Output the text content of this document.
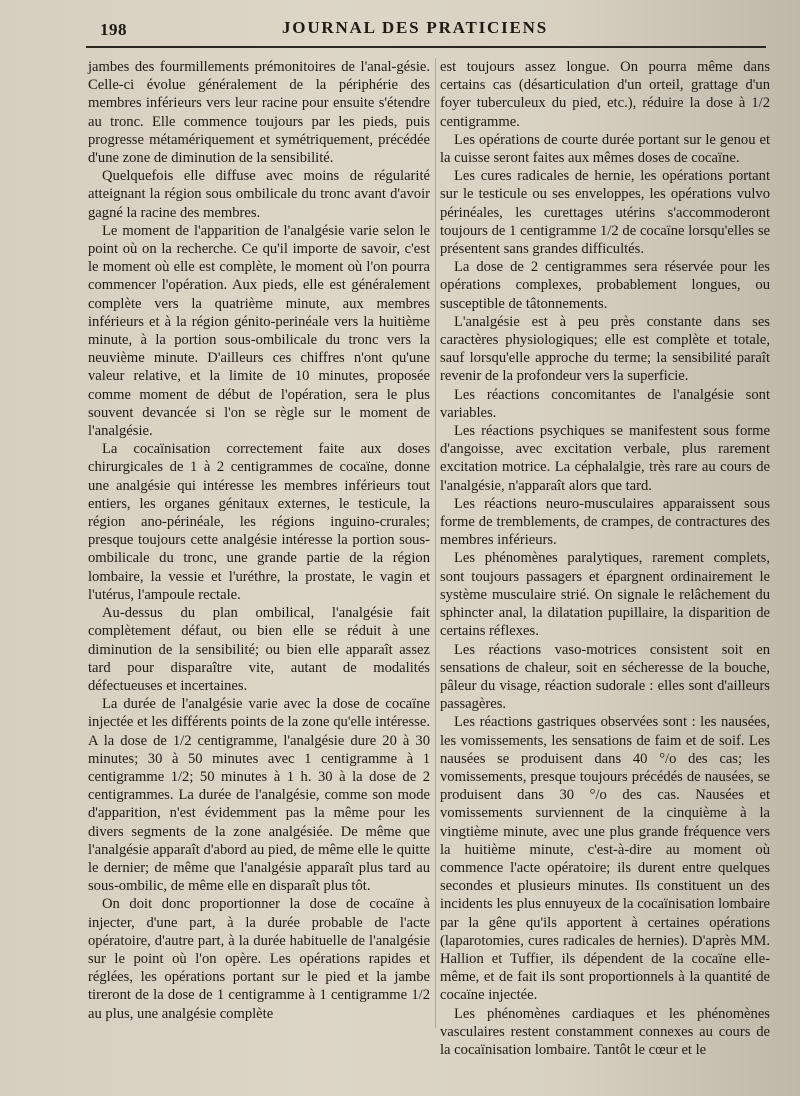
198	JOURNAL DES PRATICIENS

jambes des fourmillements prémonitoires de l'anal-gésie. Celle-ci évolue généralement de la périphérie des membres inférieurs vers leur racine pour ensuite s'étendre au tronc. Elle commence toujours par les pieds, puis progresse métamériquement et symétriquement, précédée d'une zone de diminution de la sensibilité.

Quelquefois elle diffuse avec moins de régularité atteignant la région sous ombilicale du tronc avant d'avoir gagné la racine des membres.

Le moment de l'apparition de l'analgésie varie selon le point où on la recherche. Ce qu'il importe de savoir, c'est le moment où elle est complète, le moment où l'on pourra commencer l'opération. Aux pieds, elle est généralement complète vers la quatrième minute, aux membres inférieurs et à la région génito-perinéale vers la huitième minute, à la portion sous-ombilicale du tronc vers la neuvième minute. D'ailleurs ces chiffres n'ont qu'une valeur relative, et la limite de 10 minutes, proposée comme moment de début de l'opération, sera le plus souvent devancée si l'on se règle sur le moment de l'analgésie.

La cocaïnisation correctement faite aux doses chirurgicales de 1 à 2 centigrammes de cocaïne, donne une analgésie qui intéresse les membres inférieurs tout entiers, les organes génitaux externes, le testicule, la région ano-périnéale, les régions inguino-crurales; presque toujours cette analgésie intéresse la portion sous-ombilicale du tronc, une grande partie de la région lombaire, la vessie et l'uréthre, la prostate, le vagin et l'utérus, l'ampoule rectale.

Au-dessus du plan ombilical, l'analgésie fait complètement défaut, ou bien elle se réduit à une diminution de la sensibilité; ou bien elle apparaît assez tard pour disparaître vite, autant de modalités défectueuses et incertaines.

La durée de l'analgésie varie avec la dose de cocaïne injectée et les différents points de la zone qu'elle intéresse. A la dose de 1/2 centigramme, l'analgésie dure 20 à 30 minutes; 30 à 50 minutes avec 1 centigramme à 1 centigramme 1/2; 50 minutes à 1 h. 30 à la dose de 2 centigrammes. La durée de l'analgésie, comme son mode d'apparition, n'est évidemment pas la même pour les divers segments de la zone analgésiée. De même que l'analgésie apparaît d'abord au pied, de même elle le quitte le dernier; de même que l'analgésie apparaît plus tard au sous-ombilic, de même elle en disparaît plus tôt.

On doit donc proportionner la dose de cocaïne à injecter, d'une part, à la durée probable de l'acte opératoire, d'autre part, à la durée habituelle de l'analgésie sur le point où l'on opère. Les opérations rapides et réglées, les opérations portant sur le pied et la jambe tireront de la dose de 1 centigramme à 1 centigramme 1/2 au plus, une analgésie complète

est toujours assez longue. On pourra même dans certains cas (désarticulation d'un orteil, grattage d'un foyer tuberculeux du pied, etc.), réduire la dose à 1/2 centigramme.

Les opérations de courte durée portant sur le genou et la cuisse seront faites aux mêmes doses de cocaïne.

Les cures radicales de hernie, les opérations portant sur le testicule ou ses enveloppes, les opérations vulvo périnéales, les curettages utérins s'accommoderont toujours de 1 centigramme 1/2 de cocaïne lorsqu'elles se présentent sans grandes difficultés.

La dose de 2 centigrammes sera réservée pour les opérations complexes, probablement longues, ou susceptible de tâtonnements.

L'analgésie est à peu près constante dans ses caractères physiologiques; elle est complète et totale, sauf lorsqu'elle approche du terme; la sensibilité paraît revenir de la profondeur vers la superficie.

Les réactions concomitantes de l'analgésie sont variables.

Les réactions psychiques se manifestent sous forme d'angoisse, avec excitation verbale, plus rarement excitation motrice. La céphalalgie, très rare au cours de l'analgésie, n'apparaît alors que tard.

Les réactions neuro-musculaires apparaissent sous forme de tremblements, de crampes, de contractures des membres inférieurs.

Les phénomènes paralytiques, rarement complets, sont toujours passagers et épargnent ordinairement le système musculaire strié. On signale le relâchement du sphincter anal, la dilatation pupillaire, la disparition de certains réflexes.

Les réactions vaso-motrices consistent soit en sensations de chaleur, soit en sécheresse de la bouche, pâleur du visage, réaction sudorale : elles sont d'ailleurs passagères.

Les réactions gastriques observées sont : les nausées, les vomissements, les sensations de faim et de soif. Les nausées se produisent dans 40 °/o des cas; les vomissements, presque toujours précédés de nausées, se produisent dans 30 °/o des cas. Nausées et vomissements surviennent de la cinquième à la vingtième minute, avec une plus grande fréquence vers la huitième minute, c'est-à-dire au moment où commence l'acte opératoire; ils durent entre quelques secondes et plusieurs minutes. Ils constituent un des incidents les plus ennuyeux de la cocaïnisation lombaire par la gêne qu'ils apportent à certaines opérations (laparotomies, cures radicales de hernies). D'après MM. Hallion et Tuffier, ils dépendent de la cocaïne elle-même, et de fait ils sont proportionnels à la quantité de cocaïne injectée.

Les phénomènes cardiaques et les phénomènes vasculaires restent constamment connexes au cours de la cocaïnisation lombaire. Tantôt le cœur et le
